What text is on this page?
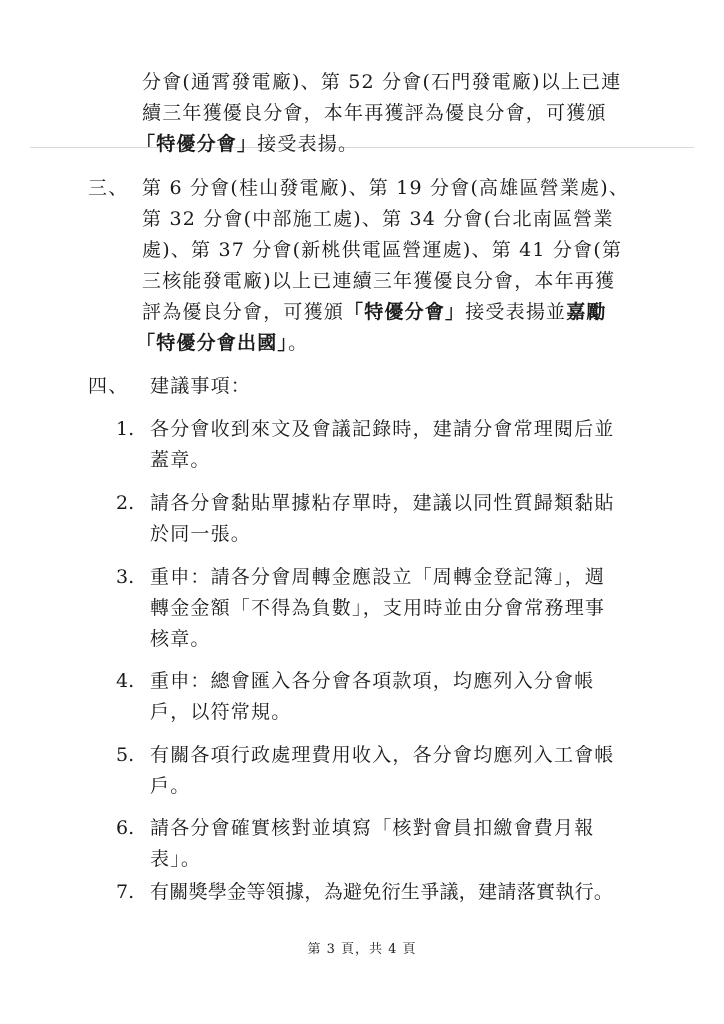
分會(通霄發電廠)、第 52 分會(石門發電廠)以上已連
續三年獲優良分會，本年再獲評為優良分會，可獲頒
「特優分會」接受表揚。
三、 第 6 分會(桂山發電廠)、第 19 分會(高雄區營業處)、
第 32 分會(中部施工處)、第 34 分會(台北南區營業
處)、第 37 分會(新桃供電區營運處)、第 41 分會(第
三核能發電廠)以上已連續三年獲優良分會，本年再獲
評為優良分會，可獲頒「特優分會」接受表揚並嘉勵
「特優分會出國」。
四、 建議事項：
1. 各分會收到來文及會議記錄時，建請分會常理閱后並
蓋章。
2. 請各分會黏貼單據粘存單時，建議以同性質歸類黏貼
於同一張。
3. 重申：請各分會周轉金應設立「周轉金登記簿」，週
轉金金額「不得為負數」，支用時並由分會常務理事
核章。
4. 重申：總會匯入各分會各項款項，均應列入分會帳
戶，以符常規。
5. 有關各項行政處理費用收入，各分會均應列入工會帳
戶。
6. 請各分會確實核對並填寫「核對會員扣繳會費月報
表」。
7. 有關獎學金等領據，為避免衍生爭議，建請落實執行。
第 3 頁，共 4 頁
